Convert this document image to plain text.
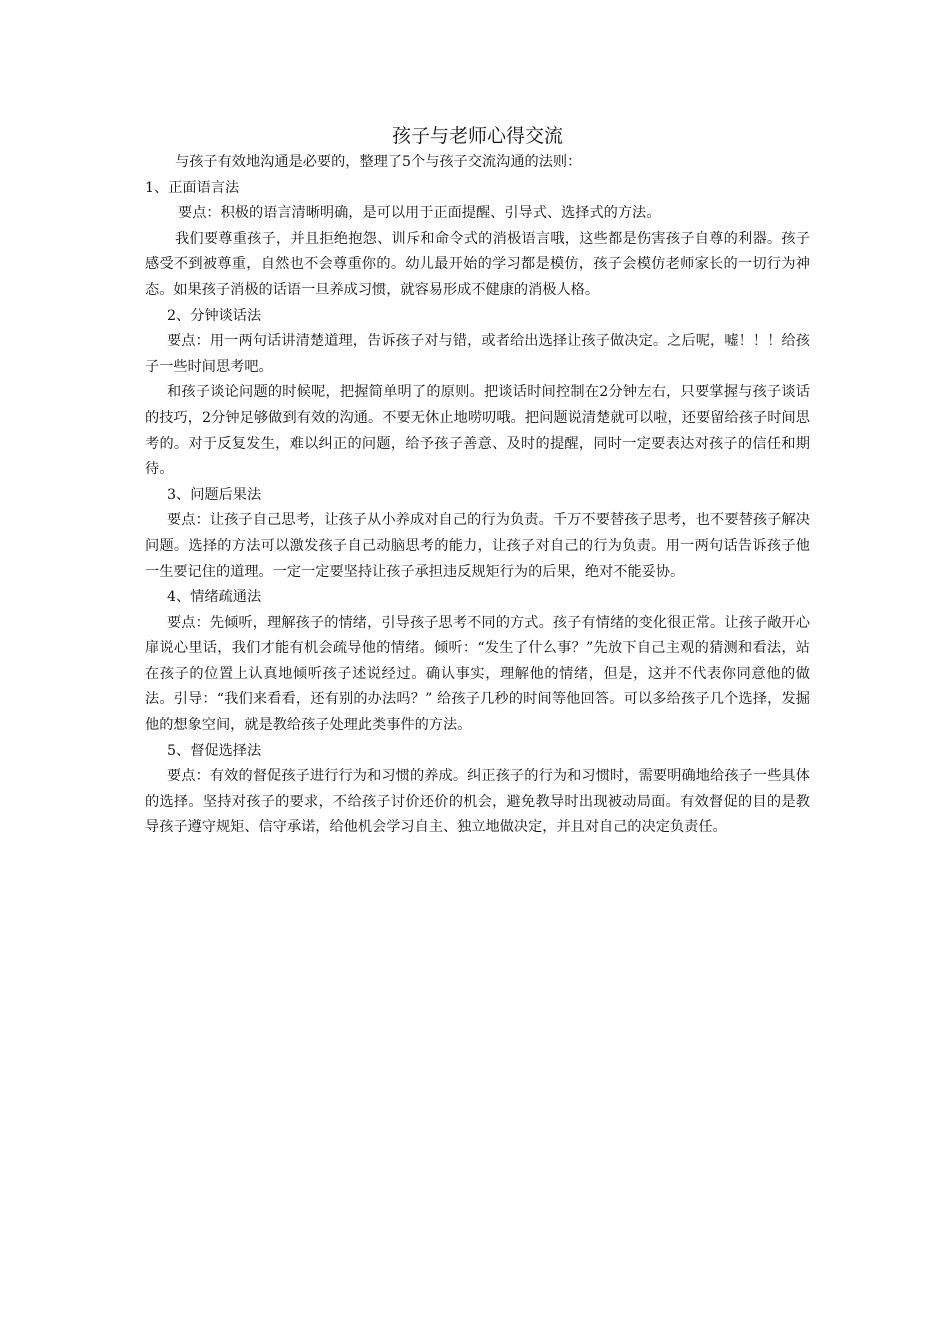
孩子与老师心得交流

与孩子有效地沟通是必要的，整理了5个与孩子交流沟通的法则：

1、正面语言法

要点：积极的语言清晰明确，是可以用于正面提醒、引导式、选择式的方法。

我们要尊重孩子，并且拒绝抱怨、训斥和命令式的消极语言哦，这些都是伤害孩子自尊的利器。孩子感受不到被尊重，自然也不会尊重你的。幼儿最开始的学习都是模仿，孩子会模仿老师家长的一切行为神态。如果孩子消极的话语一旦养成习惯，就容易形成不健康的消极人格。

2、分钟谈话法

要点：用一两句话讲清楚道理，告诉孩子对与错，或者给出选择让孩子做决定。之后呢，嘘！！！给孩子一些时间思考吧。

和孩子谈论问题的时候呢，把握简单明了的原则。把谈话时间控制在2分钟左右，只要掌握与孩子谈话的技巧，2分钟足够做到有效的沟通。不要无休止地唠叨哦。把问题说清楚就可以啦，还要留给孩子时间思考的。对于反复发生，难以纠正的问题，给予孩子善意、及时的提醒，同时一定要表达对孩子的信任和期待。

3、问题后果法

要点：让孩子自己思考，让孩子从小养成对自己的行为负责。千万不要替孩子思考，也不要替孩子解决问题。选择的方法可以激发孩子自己动脑思考的能力，让孩子对自己的行为负责。用一两句话告诉孩子他一生要记住的道理。一定一定要坚持让孩子承担违反规矩行为的后果，绝对不能妥协。

4、情绪疏通法

要点：先倾听，理解孩子的情绪，引导孩子思考不同的方式。孩子有情绪的变化很正常。让孩子敞开心扉说心里话，我们才能有机会疏导他的情绪。倾听：“发生了什么事？”先放下自己主观的猜测和看法，站在孩子的位置上认真地倾听孩子述说经过。确认事实，理解他的情绪，但是，这并不代表你同意他的做法。引导：“我们来看看，还有别的办法吗？” 给孩子几秒的时间等他回答。可以多给孩子几个选择，发掘他的想象空间，就是教给孩子处理此类事件的方法。

5、督促选择法

要点：有效的督促孩子进行行为和习惯的养成。纠正孩子的行为和习惯时，需要明确地给孩子一些具体的选择。坚持对孩子的要求，不给孩子讨价还价的机会，避免教导时出现被动局面。有效督促的目的是教导孩子遵守规矩、信守承诺，给他机会学习自主、独立地做决定，并且对自己的决定负责任。
